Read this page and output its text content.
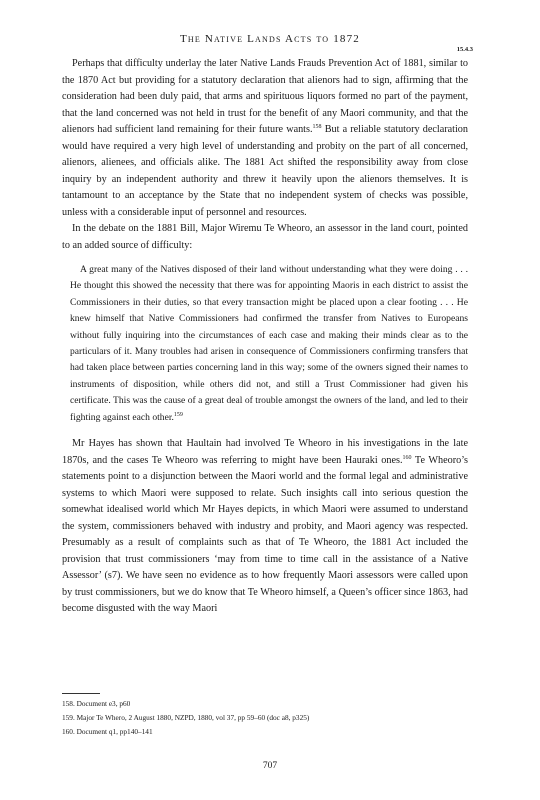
The Native Lands Acts to 1872
15.4.3

Perhaps that difficulty underlay the later Native Lands Frauds Prevention Act of 1881, similar to the 1870 Act but providing for a statutory declaration that alienors had to sign, affirming that the consideration had been duly paid, that arms and spirituous liquors formed no part of the payment, that the land concerned was not held in trust for the benefit of any Maori community, and that the alienors had sufficient land remaining for their future wants.$^{158}$ But a reliable statutory declaration would have required a very high level of understanding and probity on the part of all concerned, alienors, alienees, and officials alike. The 1881 Act shifted the responsibility away from close inquiry by an independent authority and threw it heavily upon the alienors themselves. It is tantamount to an acceptance by the State that no independent system of checks was possible, unless with a considerable input of personnel and resources.

In the debate on the 1881 Bill, Major Wiremu Te Wheoro, an assessor in the land court, pointed to an added source of difficulty:

A great many of the Natives disposed of their land without understanding what they were doing . . . He thought this showed the necessity that there was for appointing Maoris in each district to assist the Commissioners in their duties, so that every transaction might be placed upon a clear footing . . . He knew himself that Native Commissioners had confirmed the transfer from Natives to Europeans without fully inquiring into the circumstances of each case and making their minds clear as to the particulars of it. Many troubles had arisen in consequence of Commissioners confirming transfers that had taken place between parties concerning land in this way; some of the owners signed their names to instruments of disposition, while others did not, and still a Trust Commissioner had given his certificate. This was the cause of a great deal of trouble amongst the owners of the land, and led to their fighting against each other.$^{159}$

Mr Hayes has shown that Haultain had involved Te Wheoro in his investigations in the late 1870s, and the cases Te Wheoro was referring to might have been Hauraki ones.$^{160}$ Te Wheoro’s statements point to a disjunction between the Maori world and the formal legal and administrative systems to which Maori were supposed to relate. Such insights call into serious question the somewhat idealised world which Mr Hayes depicts, in which Maori were assumed to understand the system, commissioners behaved with industry and probity, and Maori agency was respected. Presumably as a result of complaints such as that of Te Wheoro, the 1881 Act included the provision that trust commissioners ‘may from time to time call in the assistance of a Native Assessor’ (s7). We have seen no evidence as to how frequently Maori assessors were called upon by trust commissioners, but we do know that Te Wheoro himself, a Queen’s officer since 1863, had become disgusted with the way Maori

158. Document e3, p60
159. Major Te Whero, 2 August 1880, NZPD, 1880, vol 37, pp 59–60 (doc a8, p325)
160. Document q1, pp140–141
707
